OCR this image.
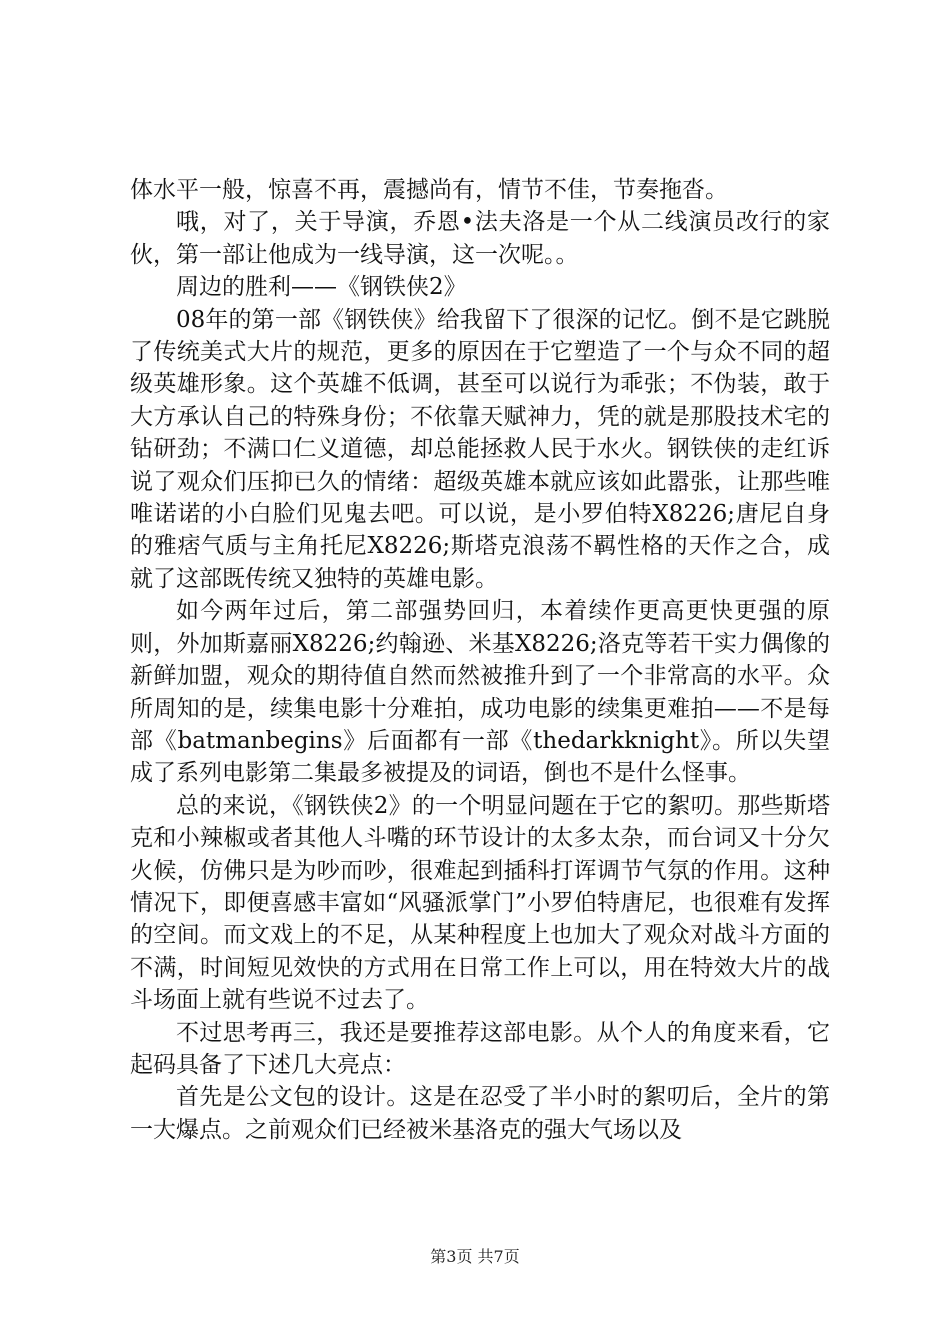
体水平一般，惊喜不再，震撼尚有，情节不佳，节奏拖沓。

哦，对了，关于导演，乔恩•法夫洛是一个从二线演员改行的家伙，第一部让他成为一线导演，这一次呢。。

周边的胜利——《钢铁侠2》

08年的第一部《钢铁侠》给我留下了很深的记忆。倒不是它跳脱了传统美式大片的规范，更多的原因在于它塑造了一个与众不同的超级英雄形象。这个英雄不低调，甚至可以说行为乖张；不伪装，敢于大方承认自己的特殊身份；不依靠天赋神力，凭的就是那股技术宅的钻研劲；不满口仁义道德，却总能拯救人民于水火。钢铁侠的走红诉说了观众们压抑已久的情绪：超级英雄本就应该如此嚣张，让那些唯唯诺诺的小白脸们见鬼去吧。可以说，是小罗伯特X8226;唐尼自身的雅痞气质与主角托尼X8226;斯塔克浪荡不羁性格的天作之合，成就了这部既传统又独特的英雄电影。

如今两年过后，第二部强势回归，本着续作更高更快更强的原则，外加斯嘉丽X8226;约翰逊、米基X8226;洛克等若干实力偶像的新鲜加盟，观众的期待值自然而然被推升到了一个非常高的水平。众所周知的是，续集电影十分难拍，成功电影的续集更难拍——不是每部《batmanbegins》后面都有一部《thedarkknight》。所以失望成了系列电影第二集最多被提及的词语，倒也不是什么怪事。

总的来说，《钢铁侠2》的一个明显问题在于它的絮叨。那些斯塔克和小辣椒或者其他人斗嘴的环节设计的太多太杂，而台词又十分欠火候，仿佛只是为吵而吵，很难起到插科打诨调节气氛的作用。这种情况下，即便喜感丰富如“风骚派掌门”小罗伯特唐尼，也很难有发挥的空间。而文戏上的不足，从某种程度上也加大了观众对战斗方面的不满，时间短见效快的方式用在日常工作上可以，用在特效大片的战斗场面上就有些说不过去了。

不过思考再三，我还是要推荐这部电影。从个人的角度来看，它起码具备了下述几大亮点：

首先是公文包的设计。这是在忍受了半小时的絮叨后，全片的第一大爆点。之前观众们已经被米基洛克的强大气场以及

第3页 共7页
